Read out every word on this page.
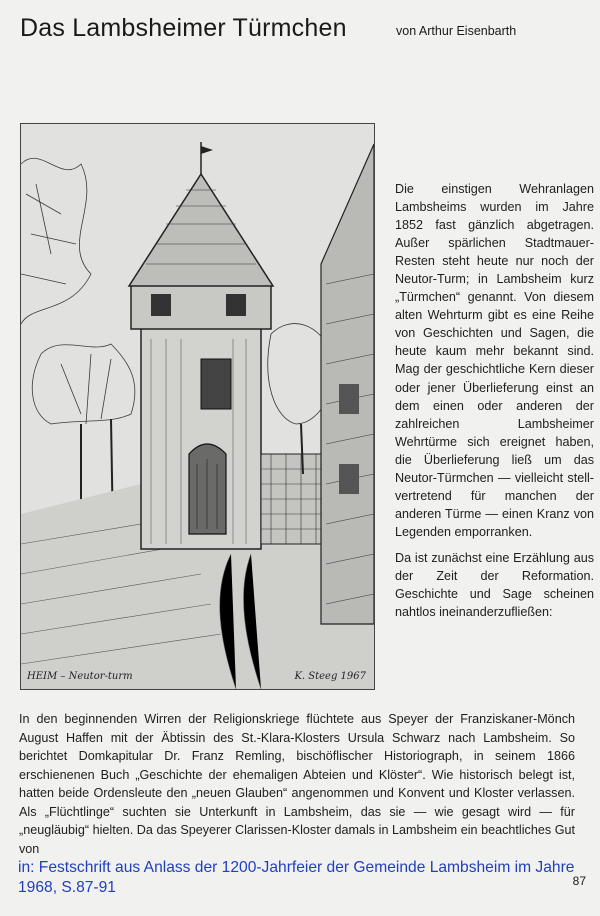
Das Lambsheimer Türmchen	von Arthur Eisenbarth
HEIM – Neutor-turm	K. Steeg 1967

Die einstigen Wehranlagen Lambsheims wurden im Jahre 1852 fast gänzlich abgetragen. Außer spärlichen Stadtmauer-Resten steht heute nur noch der Neutor-Turm; in Lambsheim kurz „Türmchen“ genannt. Von diesem alten Wehrturm gibt es eine Reihe von Geschichten und Sagen, die heute kaum mehr bekannt sind. Mag der geschichtliche Kern dieser oder jener Überlieferung einst an dem einen oder anderen der zahlreichen Lambsheimer Wehrtürme sich ereignet haben, die Überlieferung ließ um das Neutor-Türmchen — vielleicht stellvertretend für manchen der anderen Türme — einen Kranz von Legenden emporranken.

Da ist zunächst eine Erzählung aus der Zeit der Reformation. Geschichte und Sage scheinen nahtlos ineinanderzufließen:

In den beginnenden Wirren der Religionskriege flüchtete aus Speyer der Franziskaner-Mönch August Haffen mit der Äbtissin des St.-Klara-Klosters Ursula Schwarz nach Lambsheim. So berichtet Domkapitular Dr. Franz Remling, bischöflischer Historiograph, in seinem 1866 erschienenen Buch „Geschichte der ehemaligen Abteien und Klöster“. Wie historisch belegt ist, hatten beide Ordensleute den „neuen Glauben“ angenommen und Konvent und Kloster verlassen. Als „Flüchtlinge“ suchten sie Unterkunft in Lambsheim, das sie — wie gesagt wird — für „neugläubig“ hielten. Da das Speyerer Clarissen-Kloster damals in Lambsheim ein beachtliches Gut von
in: Festschrift aus Anlass der 1200-Jahrfeier der Gemeinde Lambsheim im Jahre 1968, S.87-91	87
